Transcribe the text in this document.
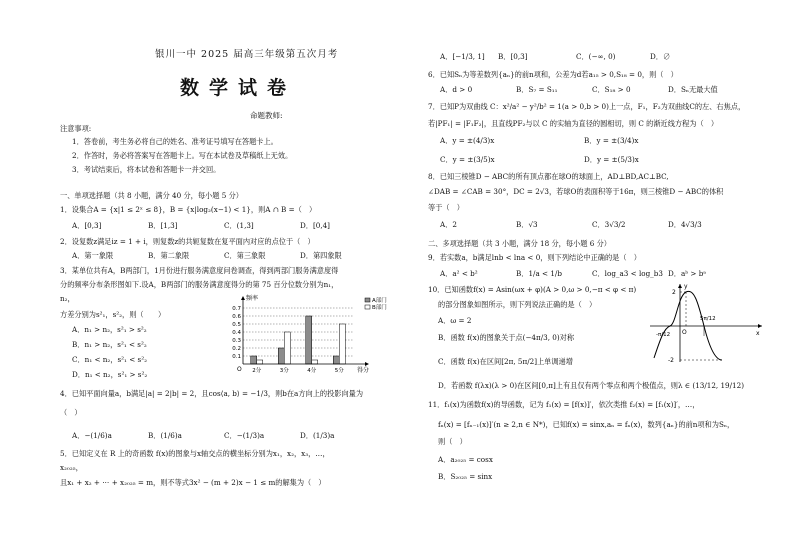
银川一中 2025 届高三年级第五次月考
数学试卷
命题教师:
注意事项:
1．答卷前，考生务必将自己的姓名、准考证号填写在答题卡上。
2．作答时，务必将答案写在答题卡上。写在本试卷及草稿纸上无效。
3．考试结束后，将本试卷和答题卡一并交回。
一、单项选择题（共 8 小题，满分 40 分，每小题 5 分）
1．设集合A = {x|1 ≤ 2ˣ ≤ 8}，B = {x|log₂(x−1) < 1}，则A ∩ B =（　）
A．[0,3]	B．[1,3]	C．(1,3]	D．[0,4]
2．设复数z满足iz = 1 + i，则复数z的共轭复数在复平面内对应的点位于（　）
A．第一象限	B．第二象限	C．第三象限	D．第四象限
3．某单位共有A，B两部门，1月份进行服务满意度问卷调查，得到两部门服务满意度得
分的频率分布条形图如下.设A，B两部门的服务满意度得分的第 75 百分位数分别为n₁，
n₂，
方差分别为s²₁，s²₂，则（　　）
A．n₁ > n₂，s²₁ > s²₂
B．n₁ > n₂，s²₁ < s²₂
C．n₁ < n₂，s²₁ < s²₂
D．n₁ < n₂，s²₁ > s²₂
0.1
0.2
0.3
0.4
0.5
0.6
0.7
2分	3分	4分	5分
频率
得分
O
A部门
B部门
4．已知平面向量a，b满足|a| = 2|b| = 2，且cos⟨a, b⟩ = −1/3，则b在a方向上的投影向量为
（　）
A．−(1/6)a	B．(1/6)a	C．−(1/3)a	D．(1/3)a
5．已知定义在 R 上的奇函数 f(x)的图象与x轴交点的横坐标分别为x₁，x₂，x₃，…，
x₂₀₂₅，
且x₁ + x₂ + ⋯ + x₂₀₂₅ = m，则不等式3x² − (m + 2)x − 1 ≤ m的解集为（　）
A．[−1/3, 1] B．[0,3]	C．(−∞, 0)	D．∅
6．已知Sₙ为等差数列{aₙ}的前n项和，公差为d若a₁₅ > 0,S₁₈ = 0，则（　）
A．d > 0	B．S₇ = S₁₁	C．S₁₈ > 0	D．Sₙ无最大值
7．已知P为双曲线 C：x²/a² − y²/b² = 1(a > 0,b > 0)上一点，F₁，F₂为双曲线C的左、右焦点，
若|PF₁| = |F₁F₂|，且直线PF₂与以 C 的实轴为直径的圆相切，则 C 的渐近线方程为（　）
A．y = ±(4/3)x	B．y = ±(3/4)x
C．y = ±(3/5)x	D．y = ±(5/3)x
8．已知三棱锥D − ABC的所有顶点都在球O的球面上，AD⊥BD,AC⊥BC,
∠DAB = ∠CAB = 30°，DC = 2√3，若球O的表面积等于16π，则三棱锥D − ABC的体积
等于（　）
A．2	B．√3	C．3√3/2	D．4√3/3
二、多项选择题（共 3 小题，满分 18 分，每小题 6 分）
9．若实数a，b满足lnb < lna < 0，则下列结论中正确的是（　）
A．a² < b²	B．1/a < 1/b	C．log_a3 < log_b3 D．aᵇ > bᵃ
10．已知函数f(x) = Asin(ωx + φ)(A > 0,ω > 0,−π < φ < π)
的部分图象如图所示，则下列说法正确的是（　）
A．ω = 2
B．函数 f(x)的图象关于点(−4π/3, 0)对称
C．函数 f(x)在区间[2π, 5π/2]上单调递增
D．若函数 f(λx)(λ > 0)在区间[0,π]上有且仅有两个零点和两个极值点，则λ ∈ (13/12, 19/12)
y
x
O
2
-2
-π/12
5π/12
11．f₁(x)为函数f(x)的导函数，记为 f₁(x) = [f(x)]′，依次类推 f₂(x) = [f₁(x)]′，…，
fₙ(x) = [fₙ₋₁(x)]′(n ≥ 2,n ∈ N*)，已知f(x) = sinx,aₙ = fₙ(x)，数列{aₙ}的前n项和为Sₙ，
则（　）
A．a₂₀₂₅ = cosx
B．S₂₀₂₅ = sinx
